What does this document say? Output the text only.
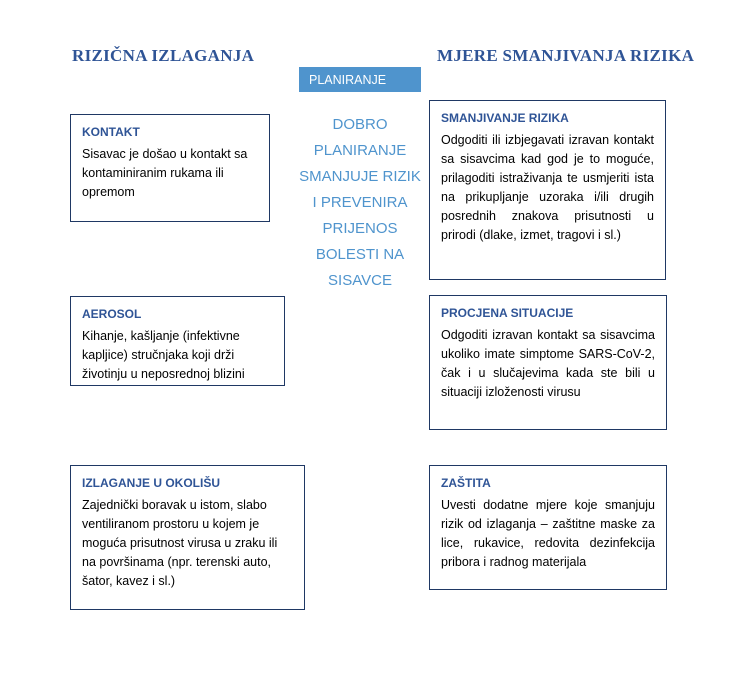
RIZIČNA IZLAGANJA	MJERE SMANJIVANJA RIZIKA
PLANIRANJE
DOBRO PLANIRANJE SMANJUJE RIZIK I PREVENIRA PRIJENOS BOLESTI NA SISAVCE
KONTAKT
Sisavac je došao u kontakt sa kontaminiranim rukama ili opremom
AEROSOL
Kihanje, kašljanje (infektivne kapljice) stručnjaka koji drži životinju u neposrednoj blizini
IZLAGANJE U OKOLIŠU
Zajednički boravak u istom, slabo ventiliranom prostoru u kojem je moguća prisutnost virusa u zraku ili na površinama (npr. terenski auto, šator, kavez i sl.)
SMANJIVANJE RIZIKA
Odgoditi ili izbjegavati izravan kontakt sa sisavcima kad god je to moguće, prilagoditi istraživanja te usmjeriti ista na prikupljanje uzoraka i/ili drugih posrednih znakova prisutnosti u prirodi (dlake, izmet, tragovi i sl.)
PROCJENA SITUACIJE
Odgoditi izravan kontakt sa sisavcima ukoliko imate simptome SARS-CoV-2, čak i u slučajevima kada ste bili u situaciji izloženosti virusu
ZAŠTITA
Uvesti dodatne mjere koje smanjuju rizik od izlaganja – zaštitne maske za lice, rukavice, redovita dezinfekcija pribora i radnog materijala
